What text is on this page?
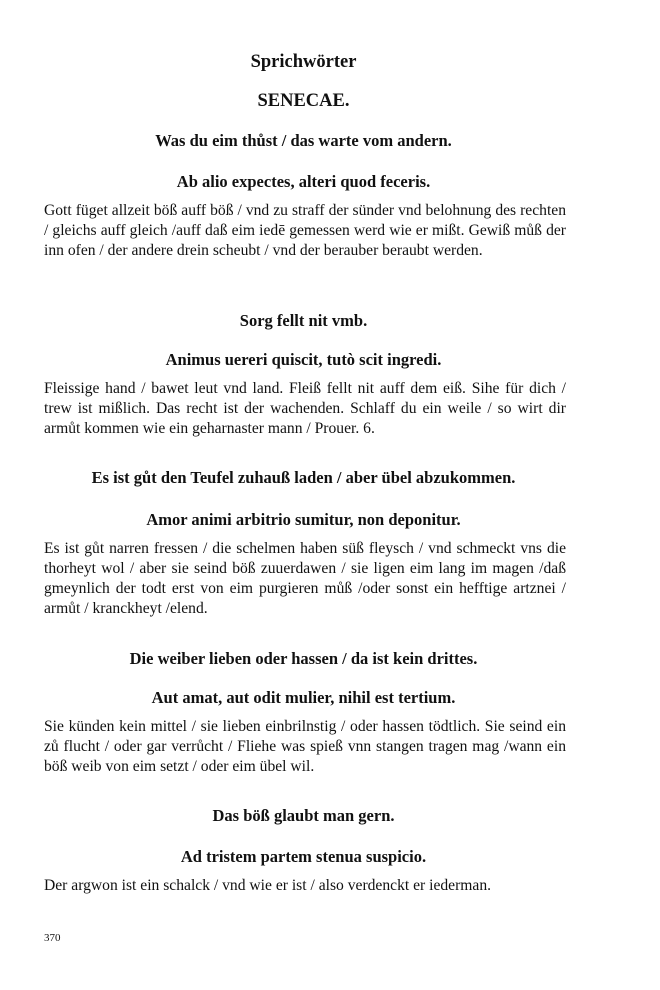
Sprichwörter
SENECAE.
Was du eim thůst / das warte vom andern.
Ab alio expectes, alteri quod feceris.
Gott füget allzeit böß auff böß / vnd zu straff der sünder vnd belohnung des rechten / gleichs auff gleich /auff daß eim iedē gemessen werd wie er mißt. Gewiß můß der inn ofen / der andere drein scheubt / vnd der berauber beraubt werden.
Sorg fellt nit vmb.
Animus uereri quiscit, tutò scit ingredi.
Fleissige hand / bawet leut vnd land. Fleiß fellt nit auff dem eiß. Sihe für dich / trew ist mißlich. Das recht ist der wachenden. Schlaff du ein weile / so wirt dir armůt kommen wie ein geharnaster mann / Prouer. 6.
Es ist gůt den Teufel zuhauß laden / aber übel abzukommen.
Amor animi arbitrio sumitur, non deponitur.
Es ist gůt narren fressen / die schelmen haben süß fleysch / vnd schmeckt vns die thorheyt wol / aber sie seind böß zuuerdawen / sie ligen eim lang im magen /daß gmeynlich der todt erst von eim purgieren můß /oder sonst ein hefftige artznei / armůt / kranckheyt /elend.
Die weiber lieben oder hassen / da ist kein drittes.
Aut amat, aut odit mulier, nihil est tertium.
Sie künden kein mittel / sie lieben einbrilnstig / oder hassen tödtlich. Sie seind ein zů flucht / oder gar verrůcht / Fliehe was spieß vnn stangen tragen mag /wann ein böß weib von eim setzt / oder eim übel wil.
Das böß glaubt man gern.
Ad tristem partem stenua suspicio.
Der argwon ist ein schalck / vnd wie er ist / also verdenckt er iederman.
370
